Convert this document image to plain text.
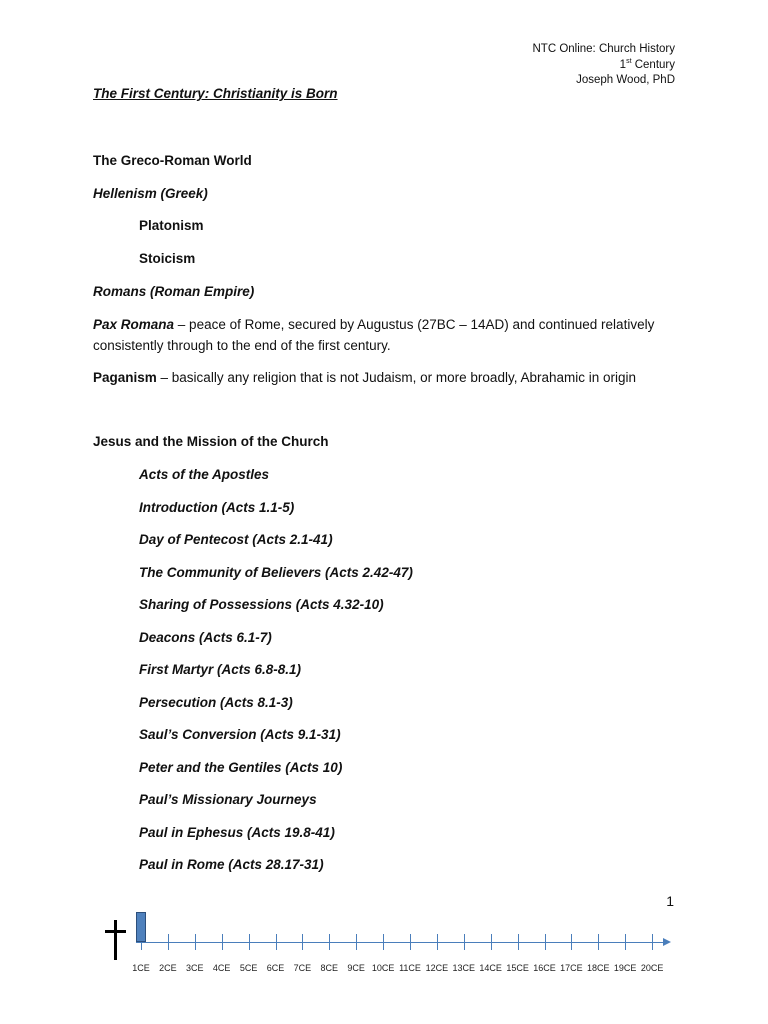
NTC Online: Church History
1st Century
Joseph Wood, PhD
The First Century: Christianity is Born
The Greco-Roman World
Hellenism (Greek)
Platonism
Stoicism
Romans (Roman Empire)
Pax Romana – peace of Rome, secured by Augustus (27BC – 14AD) and continued relatively consistently through to the end of the first century.
Paganism – basically any religion that is not Judaism, or more broadly, Abrahamic in origin
Jesus and the Mission of the Church
Acts of the Apostles
Introduction (Acts 1.1-5)
Day of Pentecost (Acts 2.1-41)
The Community of Believers (Acts 2.42-47)
Sharing of Possessions (Acts 4.32-10)
Deacons (Acts 6.1-7)
First Martyr (Acts 6.8-8.1)
Persecution (Acts 8.1-3)
Saul’s Conversion (Acts 9.1-31)
Peter and the Gentiles (Acts 10)
Paul’s Missionary Journeys
Paul in Ephesus (Acts 19.8-41)
Paul in Rome (Acts 28.17-31)
1
1CE	2CE	3CE	4CE	5CE	6CE	7CE	8CE	9CE 10CE 11CE 12CE 13CE 14CE 15CE 16CE 17CE 18CE 19CE 20CE
